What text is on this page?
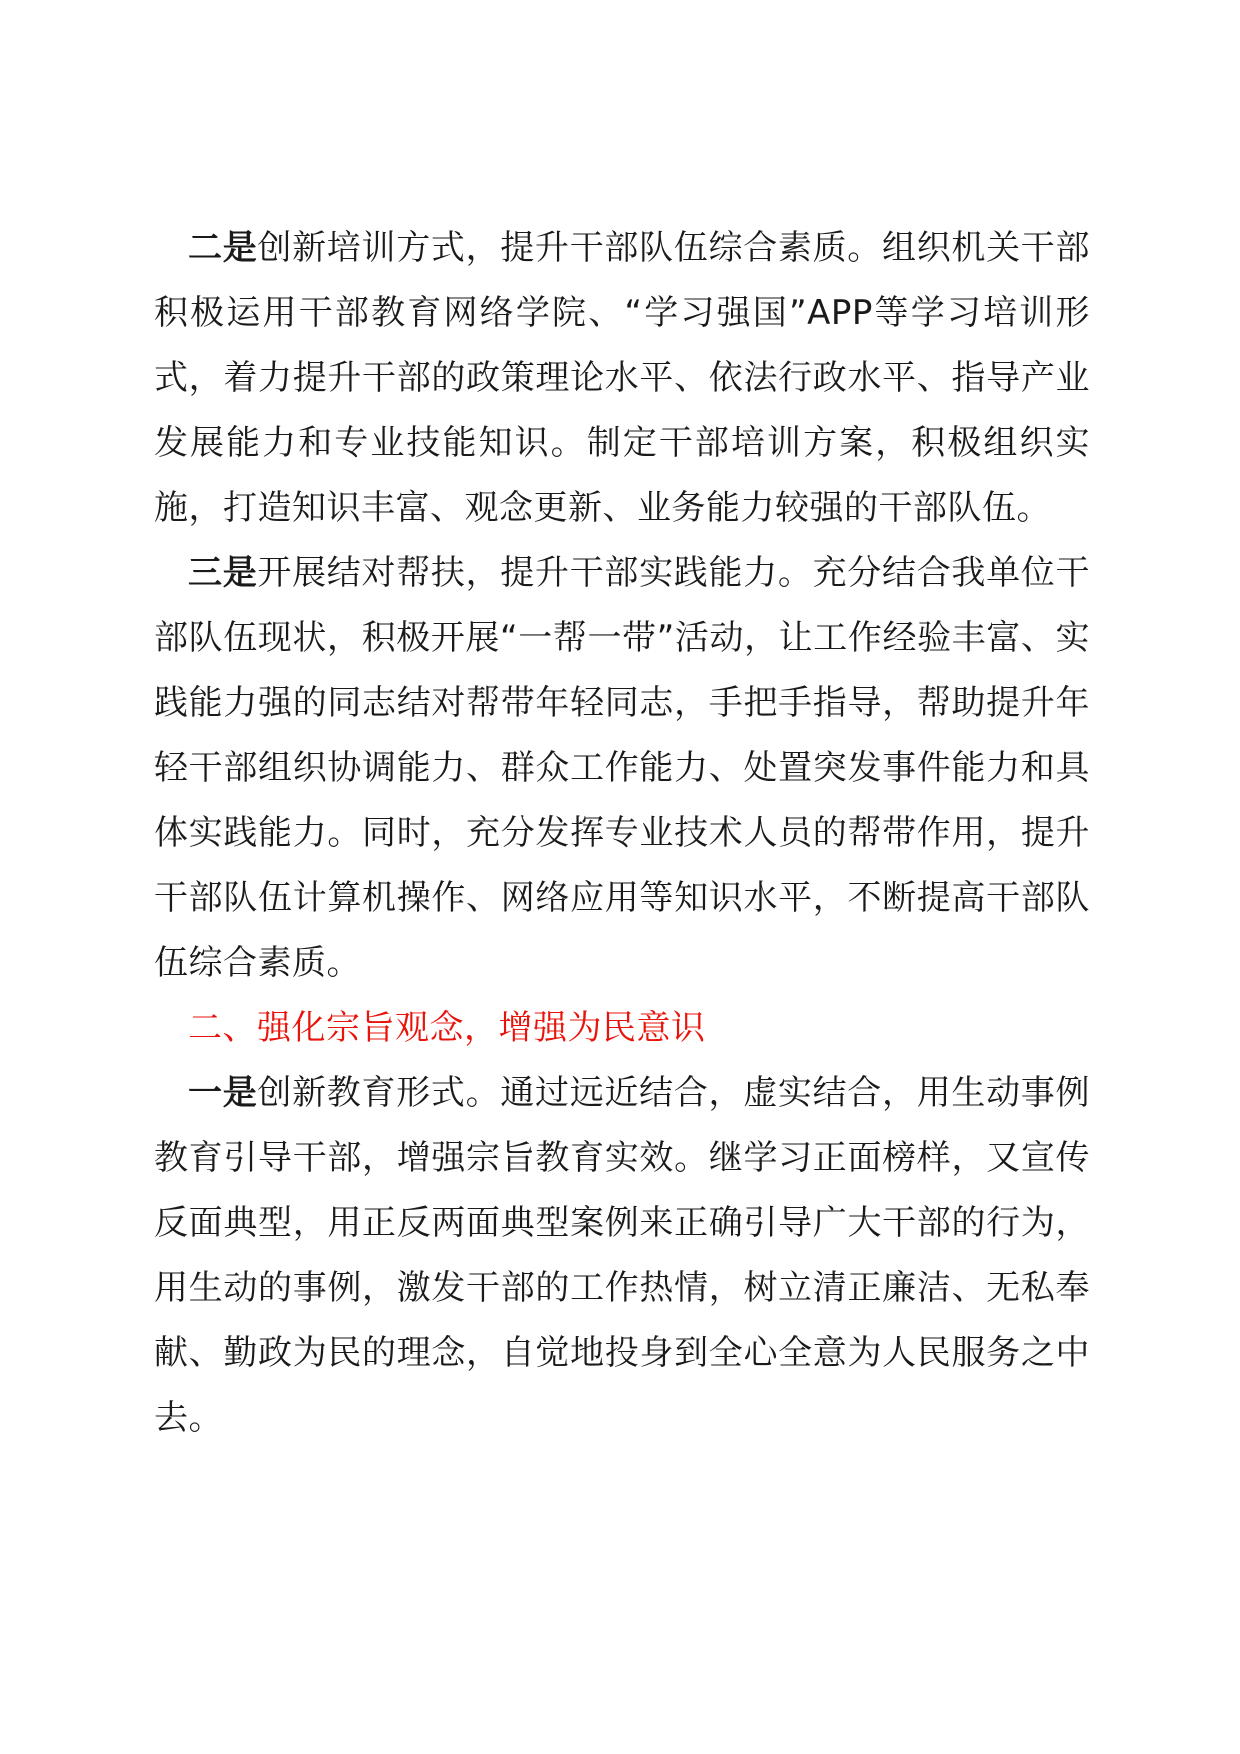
二是创新培训方式，提升干部队伍综合素质。组织机关干部积极运用干部教育网络学院、“学习强国”APP等学习培训形式，着力提升干部的政策理论水平、依法行政水平、指导产业发展能力和专业技能知识。制定干部培训方案，积极组织实施，打造知识丰富、观念更新、业务能力较强的干部队伍。

三是开展结对帮扶，提升干部实践能力。充分结合我单位干部队伍现状，积极开展“一帮一带”活动，让工作经验丰富、实践能力强的同志结对帮带年轻同志，手把手指导，帮助提升年轻干部组织协调能力、群众工作能力、处置突发事件能力和具体实践能力。同时，充分发挥专业技术人员的帮带作用，提升干部队伍计算机操作、网络应用等知识水平，不断提高干部队伍综合素质。

二、强化宗旨观念，增强为民意识

一是创新教育形式。通过远近结合，虚实结合，用生动事例教育引导干部，增强宗旨教育实效。继学习正面榜样，又宣传反面典型，用正反两面典型案例来正确引导广大干部的行为，用生动的事例，激发干部的工作热情，树立清正廉洁、无私奉献、勤政为民的理念，自觉地投身到全心全意为人民服务之中去。
